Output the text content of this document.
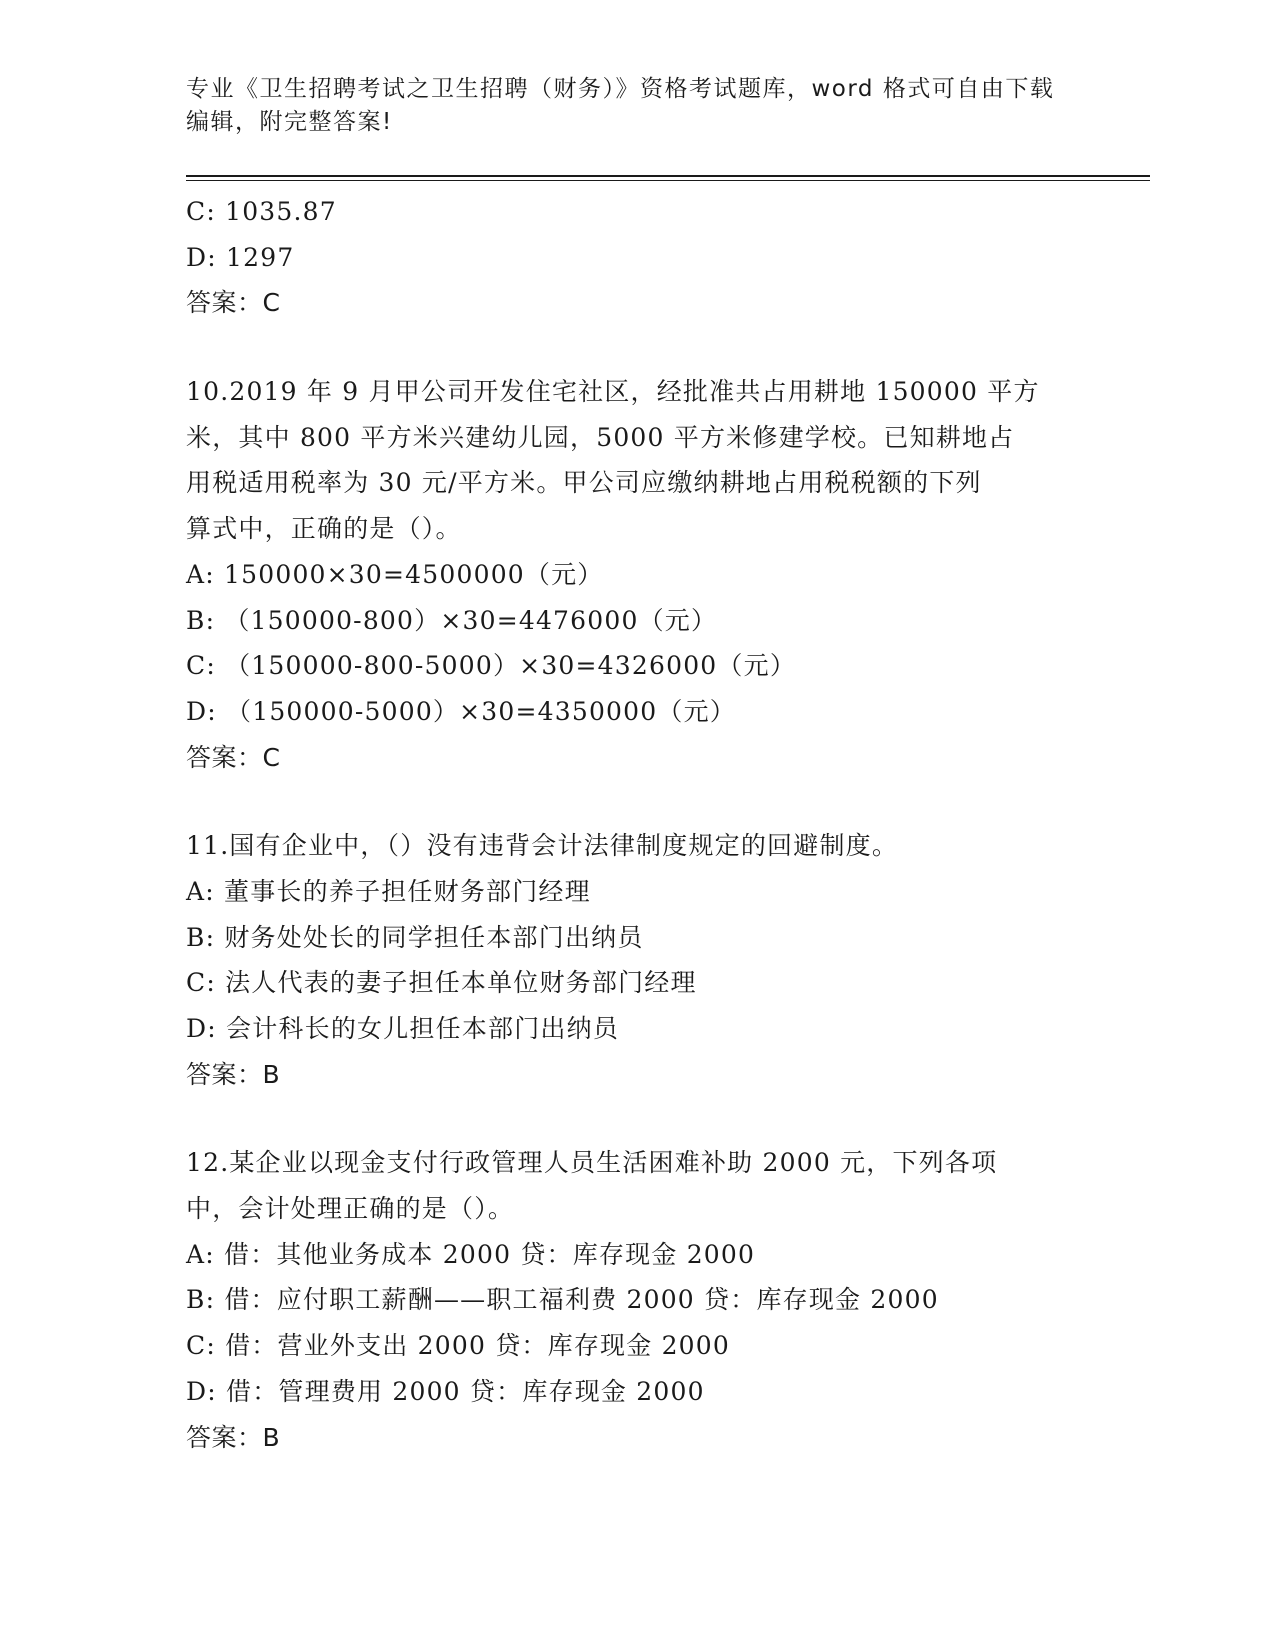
专业《卫生招聘考试之卫生招聘（财务）》资格考试题库，word 格式可自由下载
编辑，附完整答案!
C: 1035.87
D: 1297
答案：C
10.2019 年 9 月甲公司开发住宅社区，经批准共占用耕地 150000 平方
米，其中 800 平方米兴建幼儿园，5000 平方米修建学校。已知耕地占
用税适用税率为 30 元/平方米。甲公司应缴纳耕地占用税税额的下列
算式中，正确的是（）。
A: 150000×30=4500000（元）
B: （150000-800）×30=4476000（元）
C: （150000-800-5000）×30=4326000（元）
D: （150000-5000）×30=4350000（元）
答案：C
11.国有企业中，（）没有违背会计法律制度规定的回避制度。
A: 董事长的养子担任财务部门经理
B: 财务处处长的同学担任本部门出纳员
C: 法人代表的妻子担任本单位财务部门经理
D: 会计科长的女儿担任本部门出纳员
答案：B
12.某企业以现金支付行政管理人员生活困难补助 2000 元，下列各项
中，会计处理正确的是（）。
A: 借：其他业务成本 2000 贷：库存现金 2000
B: 借：应付职工薪酬——职工福利费 2000 贷：库存现金 2000
C: 借：营业外支出 2000 贷：库存现金 2000
D: 借：管理费用 2000 贷：库存现金 2000
答案：B
